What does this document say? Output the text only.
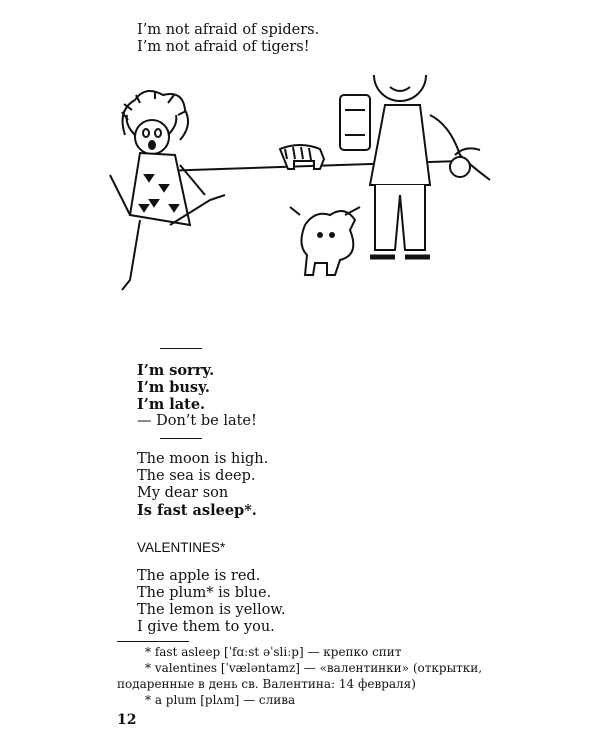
I’m not afraid of spiders.
I’m not afraid of tigers!
I’m sorry.
I’m busy.
I’m late.
— Don’t be late!
The moon is high.
The sea is deep.
My dear son
Is fast asleep*.
VALENTINES*
The apple is red.
The plum* is blue.
The lemon is yellow.
I give them to you.
* fast asleep [ˈfɑːst əˈsliːp] — крепко спит
* valentines [ˈvæləntamz] — «валентинки» (открытки,
подаренные в день св. Валентина: 14 февраля)
* a plum [plʌm] — слива
12
